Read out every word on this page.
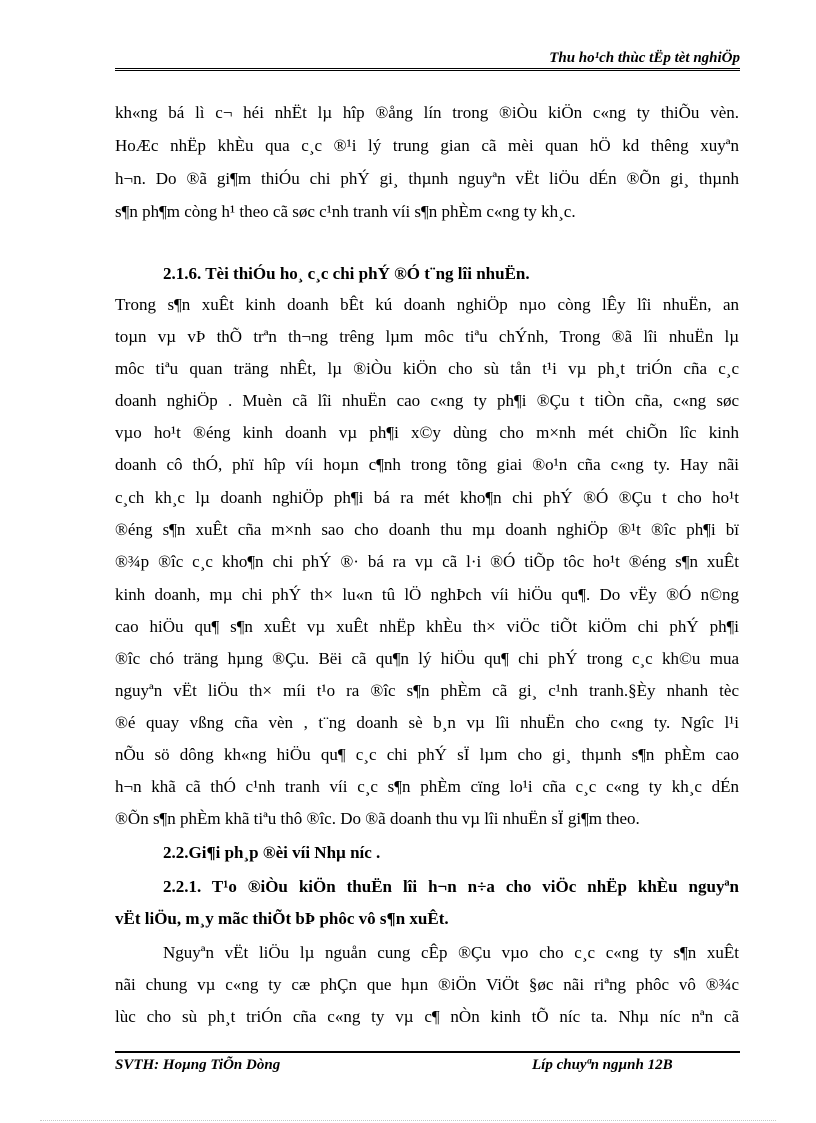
Thu ho¹ch thùc tËp tèt nghiÖp
kh«ng bá lì c¬ héi nhËt lµ hîp ®ång lín trong ®iÒu kiÖn c«ng ty thiÕu vèn.
HoÆc nhËp khÈu qua c¸c ®¹i lý trung gian cã mèi quan hÖ kd thêng xuyªn
h¬n. Do ®ã gi¶m thiÓu chi phÝ gi¸ thµnh nguyªn vËt liÖu dÉn ®Õn gi¸ thµnh
s¶n ph¶m còng h¹ theo cã søc c¹nh tranh víi s¶n phÈm c«ng ty kh¸c.
2.1.6. Tèi thiÓu ho¸ c¸c chi phÝ ®Ó t¨ng lîi nhuËn.
Trong s¶n xuÊt kinh doanh bÊt kú doanh nghiÖp nµo còng lÊy lîi nhuËn, an
toµn vµ vÞ thÕ trªn th¬ng trêng lµm môc tiªu chÝnh, Trong ®ã lîi nhuËn lµ
môc tiªu quan träng nhÊt, lµ ®iÒu kiÖn cho sù tån t¹i vµ ph¸t triÓn cña c¸c
doanh nghiÖp . Muèn cã lîi nhuËn cao c«ng ty ph¶i ®Çu t tiÒn cña, c«ng søc
vµo ho¹t ®éng kinh doanh vµ ph¶i x©y dùng cho m×nh mét chiÕn lîc kinh
doanh cô thÓ, phï hîp víi hoµn c¶nh trong tõng giai ®o¹n cña c«ng ty. Hay nãi
c¸ch kh¸c lµ doanh nghiÖp ph¶i bá ra mét kho¶n chi phÝ ®Ó ®Çu t cho ho¹t
®éng s¶n xuÊt cña m×nh sao cho doanh thu mµ doanh nghiÖp ®¹t ®îc ph¶i bï
®¾p ®îc c¸c kho¶n chi phÝ ®· bá ra vµ cã l·i ®Ó tiÕp tôc ho¹t ®éng s¶n xuÊt
kinh doanh, mµ chi phÝ th× lu«n tû lÖ nghÞch víi hiÖu qu¶. Do vËy ®Ó n©ng
cao hiÖu qu¶ s¶n xuÊt vµ xuÊt nhËp khÈu th× viÖc tiÕt kiÖm chi phÝ ph¶i
®îc chó träng hµng ®Çu. Bëi cã qu¶n lý hiÖu qu¶ chi phÝ trong c¸c kh©u mua
nguyªn vËt liÖu th× míi t¹o ra ®îc s¶n phÈm cã gi¸ c¹nh tranh.§Èy nhanh tèc
®é quay vßng cña vèn , t¨ng doanh sè b¸n vµ lîi nhuËn cho c«ng ty. Ngîc l¹i
nÕu sö dông kh«ng hiÖu qu¶ c¸c chi phÝ sÏ lµm cho gi¸ thµnh s¶n phÈm cao
h¬n khã cã thÓ c¹nh tranh víi c¸c s¶n phÈm cïng lo¹i cña c¸c c«ng ty kh¸c dÉn
®Õn s¶n phÈm khã tiªu thô ®îc. Do ®ã doanh thu vµ lîi nhuËn sÏ gi¶m theo.
2.2.Gi¶i ph¸p ®èi víi Nhµ níc .
2.2.1. T¹o ®iÒu kiÖn thuËn lîi h¬n n÷a cho viÖc nhËp khÈu nguyªn
vËt liÖu, m¸y mãc thiÕt bÞ phôc vô s¶n xuÊt.
Nguyªn vËt liÖu lµ nguån cung cÊp ®Çu vµo cho c¸c c«ng ty s¶n xuÊt
nãi chung vµ c«ng ty cæ phÇn que hµn ®iÖn ViÖt §øc nãi riªng phôc vô ®¾c
lùc cho sù ph¸t triÓn cña c«ng ty vµ c¶ nÒn kinh tÕ níc ta. Nhµ níc nªn cã
SVTH: Hoµng TiÕn Dòng	Líp chuyªn ngµnh 12B
